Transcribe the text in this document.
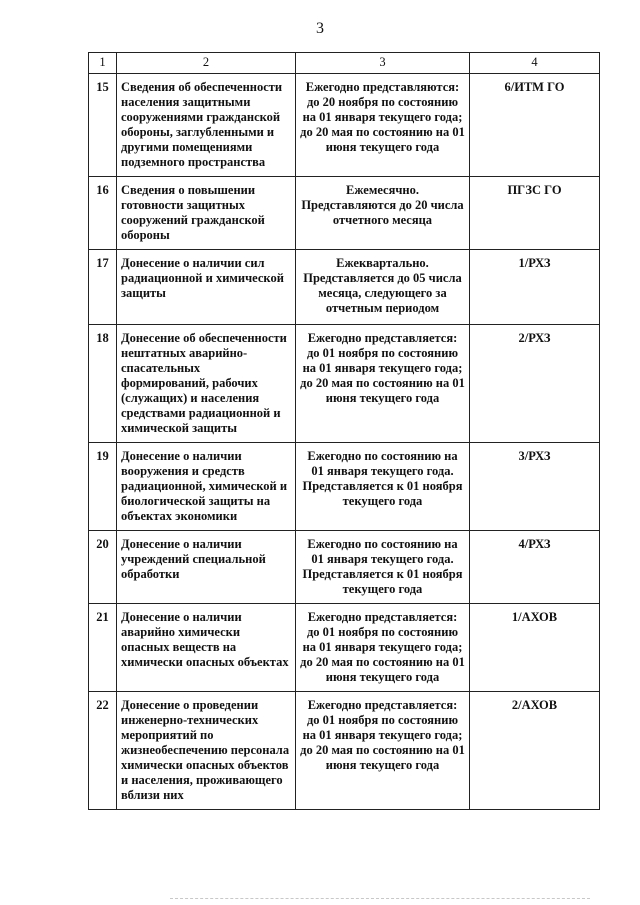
3
1	2	3	4
15	Сведения об обеспеченности населения защитными сооружениями гражданской обороны, заглубленными и другими помещениями подземного пространства	Ежегодно представляются: до 20 ноября по состоянию на 01 января текущего года; до 20 мая по состоянию на 01 июня текущего года	6/ИТМ ГО
16	Сведения о повышении готовности защитных сооружений гражданской обороны	Ежемесячно. Представляются до 20 числа отчетного месяца	ПГЗС ГО
17	Донесение о наличии сил радиационной и химической защиты	Ежеквартально. Представляется до 05 числа месяца, следующего за отчетным периодом	1/РХЗ
18	Донесение об обеспеченности нештатных аварийно-спасательных формирований, рабочих (служащих) и населения средствами радиационной и химической защиты	Ежегодно представляется: до 01 ноября по состоянию на 01 января текущего года; до 20 мая по состоянию на 01 июня текущего года	2/РХЗ
19	Донесение о наличии вооружения и средств радиационной, химической и биологической защиты на объектах экономики	Ежегодно по состоянию на 01 января текущего года. Представляется к 01 ноября текущего года	3/РХЗ
20	Донесение о наличии учреждений специальной обработки	Ежегодно по состоянию на 01 января текущего года. Представляется к 01 ноября текущего года	4/РХЗ
21	Донесение о наличии аварийно химически опасных веществ на химически опасных объектах	Ежегодно представляется: до 01 ноября по состоянию на 01 января текущего года; до 20 мая по состоянию на 01 июня текущего года	1/АХОВ
22	Донесение о проведении инженерно-технических мероприятий по жизнеобеспечению персонала химически опасных объектов и населения, проживающего вблизи них	Ежегодно представляется: до 01 ноября по состоянию на 01 января текущего года; до 20 мая по состоянию на 01 июня текущего года	2/АХОВ
